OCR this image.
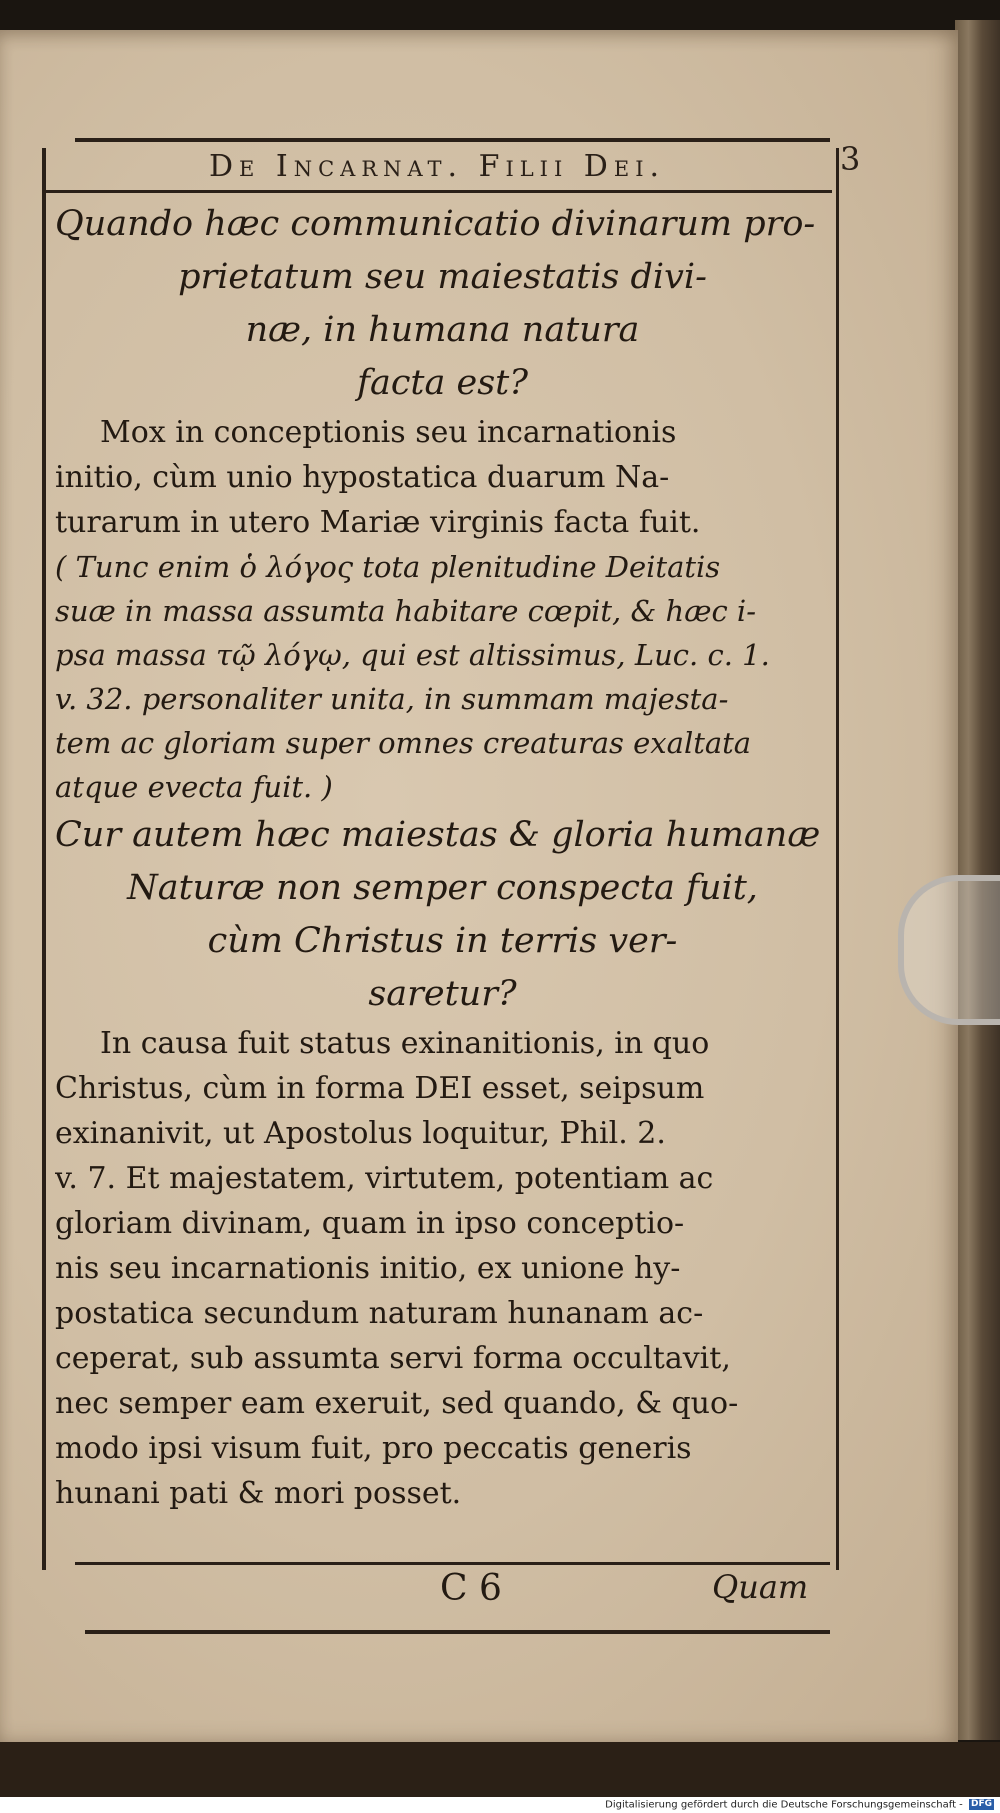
De Incarnat. Filii Dei.	3

Quando hæc communicatio divinarum pro-
prietatum seu maiestatis divi-
næ, in humana natura
facta est?

Mox in conceptionis seu incarnationis
initio, cùm unio hypostatica duarum Na-
turarum in utero Mariæ virginis facta fuit.

( Tunc enim ὁ λόγος tota plenitudine Deitatis
suæ in massa assumta habitare cœpit, & hæc i-
psa massa τῷ λόγῳ, qui est altissimus, Luc. c. 1.
v. 32. personaliter unita, in summam majesta-
tem ac gloriam super omnes creaturas exaltata
atque evecta fuit. )

Cur autem hæc maiestas & gloria humanæ
Naturæ non semper conspecta fuit,
cùm Christus in terris ver-
saretur?

In causa fuit status exinanitionis, in quo
Christus, cùm in forma DEI esset, seipsum
exinanivit, ut Apostolus loquitur, Phil. 2.
v. 7. Et majestatem, virtutem, potentiam ac
gloriam divinam, quam in ipso conceptio-
nis seu incarnationis initio, ex unione hy-
postatica secundum naturam hunanam ac-
ceperat, sub assumta servi forma occultavit,
nec semper eam exeruit, sed quando, & quo-
modo ipsi visum fuit, pro peccatis generis
hunani pati & mori posset.

C 6	Quam
Digitalisierung gefördert durch die Deutsche Forschungsgemeinschaft - DFG
